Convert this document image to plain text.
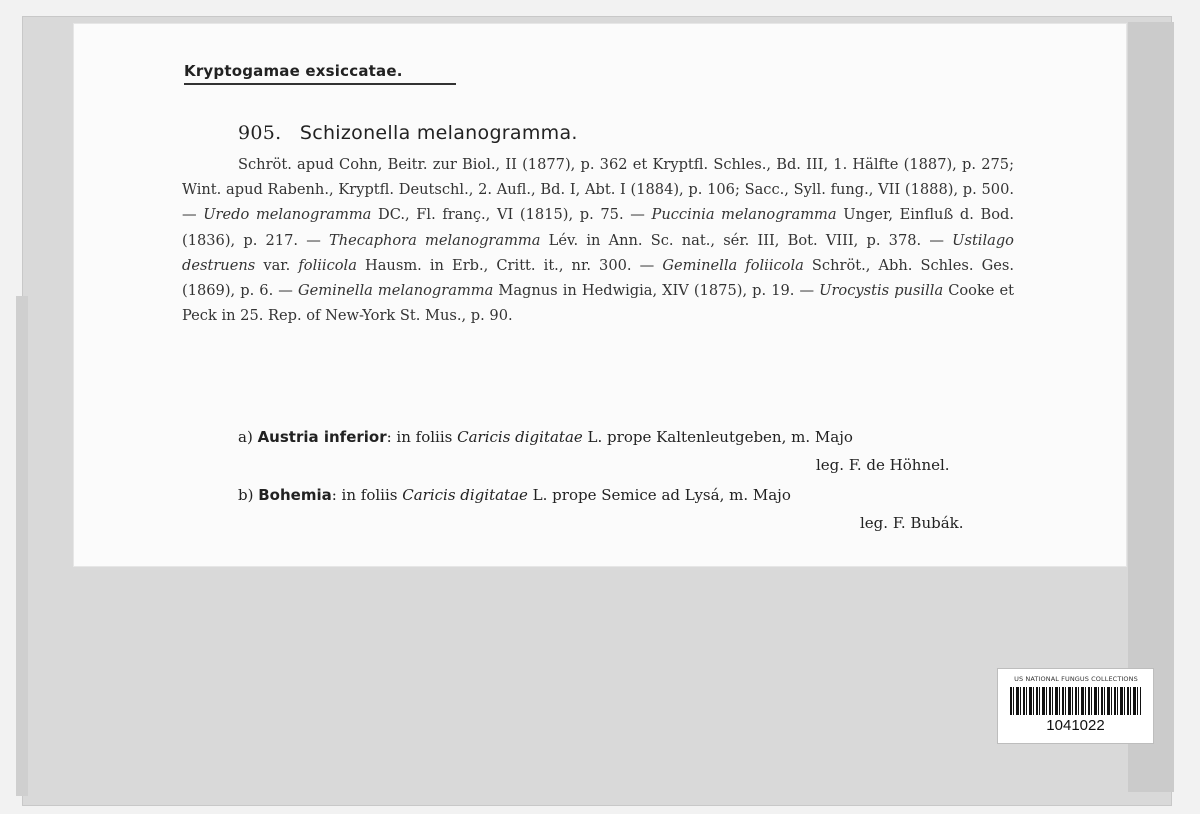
Kryptogamae exsiccatae.
905. Schizonella melanogramma.

Schröt. apud Cohn, Beitr. zur Biol., II (1877), p. 362 et Kryptfl. Schles., Bd. III, 1. Hälfte (1887), p. 275; Wint. apud Rabenh., Kryptfl. Deutschl., 2. Aufl., Bd. I, Abt. I (1884), p. 106; Sacc., Syll. fung., VII (1888), p. 500. — Uredo melanogramma DC., Fl. franç., VI (1815), p. 75. — Puccinia melanogramma Unger, Einfluß d. Bod. (1836), p. 217. — Thecaphora melanogramma Lév. in Ann. Sc. nat., sér. III, Bot. VIII, p. 378. — Ustilago destruens var. foliicola Hausm. in Erb., Critt. it., nr. 300. — Geminella foliicola Schröt., Abh. Schles. Ges. (1869), p. 6. — Geminella melanogramma Magnus in Hedwigia, XIV (1875), p. 19. — Urocystis pusilla Cooke et Peck in 25. Rep. of New-York St. Mus., p. 90.

a) Austria inferior: in foliis Caricis digitatae L. prope Kaltenleutgeben, m. Majo
leg. F. de Höhnel.
b) Bohemia: in foliis Caricis digitatae L. prope Semice ad Lysá, m. Majo
leg. F. Bubák.
US NATIONAL FUNGUS COLLECTIONS
1041022
